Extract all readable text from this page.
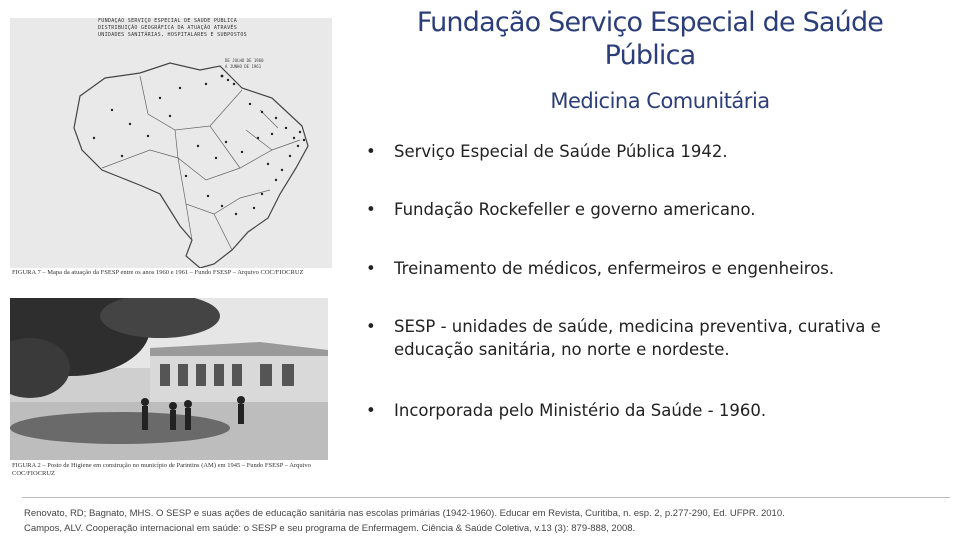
FUNDAÇÃO SERVIÇO ESPECIAL DE SAÚDE PÚBLICA
DISTRIBUIÇÃO GEOGRÁFICA DA ATUAÇÃO ATRAVÉS
UNIDADES SANITÁRIAS, HOSPITALARES E SUBPOSTOS
DE JULHO DE 1960
A JUNHO DE 1961
FIGURA 7 – Mapa da atuação da FSESP entre os anos 1960 e 1961 – Fundo FSESP – Arquivo COC/FIOCRUZ
FIGURA 2 – Posto de Higiene em construção no município de Parintins (AM) em 1945 – Fundo FSESP – Arquivo COC/FIOCRUZ
Fundação Serviço Especial de Saúde Pública
Medicina Comunitária
• Serviço Especial de Saúde Pública 1942.
• Fundação Rockefeller e governo americano.
• Treinamento de médicos, enfermeiros e engenheiros.
• SESP - unidades de saúde, medicina preventiva, curativa e educação sanitária, no norte e nordeste.
• Incorporada pelo Ministério da Saúde - 1960.
Renovato, RD; Bagnato, MHS. O SESP e suas ações de educação sanitária nas escolas primárias (1942-1960). Educar em Revista, Curitiba, n. esp. 2, p.277-290, Ed. UFPR. 2010.
Campos, ALV. Cooperação internacional em saúde: o SESP e seu programa de Enfermagem. Ciência & Saúde Coletiva, v.13 (3): 879-888, 2008.
